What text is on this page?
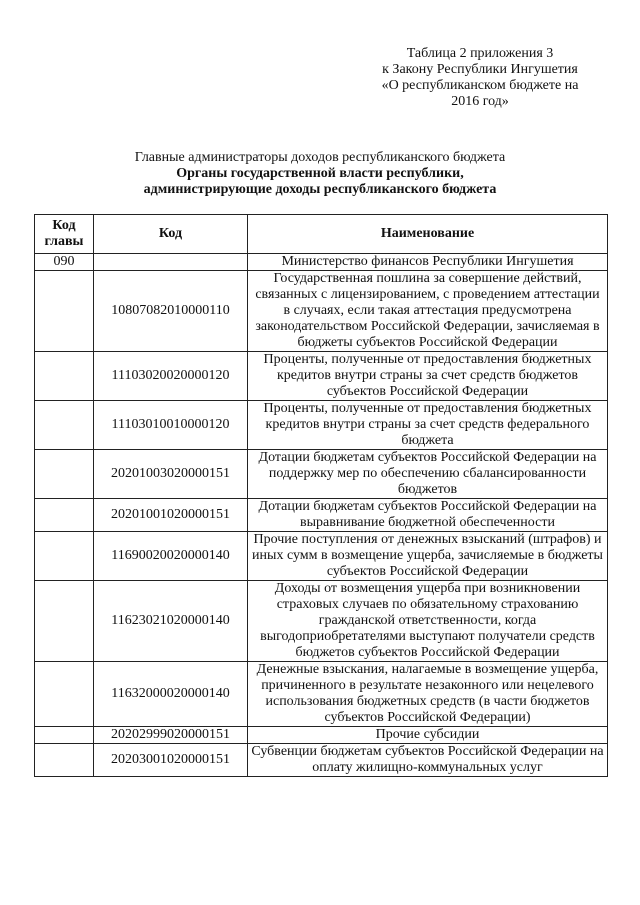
Таблица 2 приложения 3
к Закону Республики Ингушетия
«О республиканском бюджете на
2016 год»
Главные администраторы доходов республиканского бюджета
Органы государственной власти республики,
администрирующие доходы республиканского бюджета
Код главы	Код	Наименование
090		Министерство финансов Республики Ингушетия
	10807082010000110	Государственная пошлина за совершение действий, связанных с лицензированием, с проведением аттестации в случаях, если такая аттестация предусмотрена законодательством Российской Федерации, зачисляемая в бюджеты субъектов Российской Федерации
	11103020020000120	Проценты, полученные от предоставления бюджетных кредитов внутри страны за счет средств бюджетов субъектов Российской Федерации
	11103010010000120	Проценты, полученные от предоставления бюджетных кредитов внутри страны за счет средств федерального бюджета
	20201003020000151	Дотации бюджетам субъектов Российской Федерации на поддержку мер по обеспечению сбалансированности бюджетов
	20201001020000151	Дотации бюджетам субъектов Российской Федерации на выравнивание бюджетной обеспеченности
	11690020020000140	Прочие поступления от денежных взысканий (штрафов) и иных сумм в возмещение ущерба, зачисляемые в бюджеты субъектов Российской Федерации
	11623021020000140	Доходы от возмещения ущерба при возникновении страховых случаев по обязательному страхованию гражданской ответственности, когда выгодоприобретателями выступают получатели средств бюджетов субъектов Российской Федерации
	11632000020000140	Денежные взыскания, налагаемые в возмещение ущерба, причиненного в результате незаконного или нецелевого использования бюджетных средств (в части бюджетов субъектов Российской Федерации)
	20202999020000151	Прочие субсидии
	20203001020000151	Субвенции бюджетам субъектов Российской Федерации на оплату жилищно-коммунальных услуг
